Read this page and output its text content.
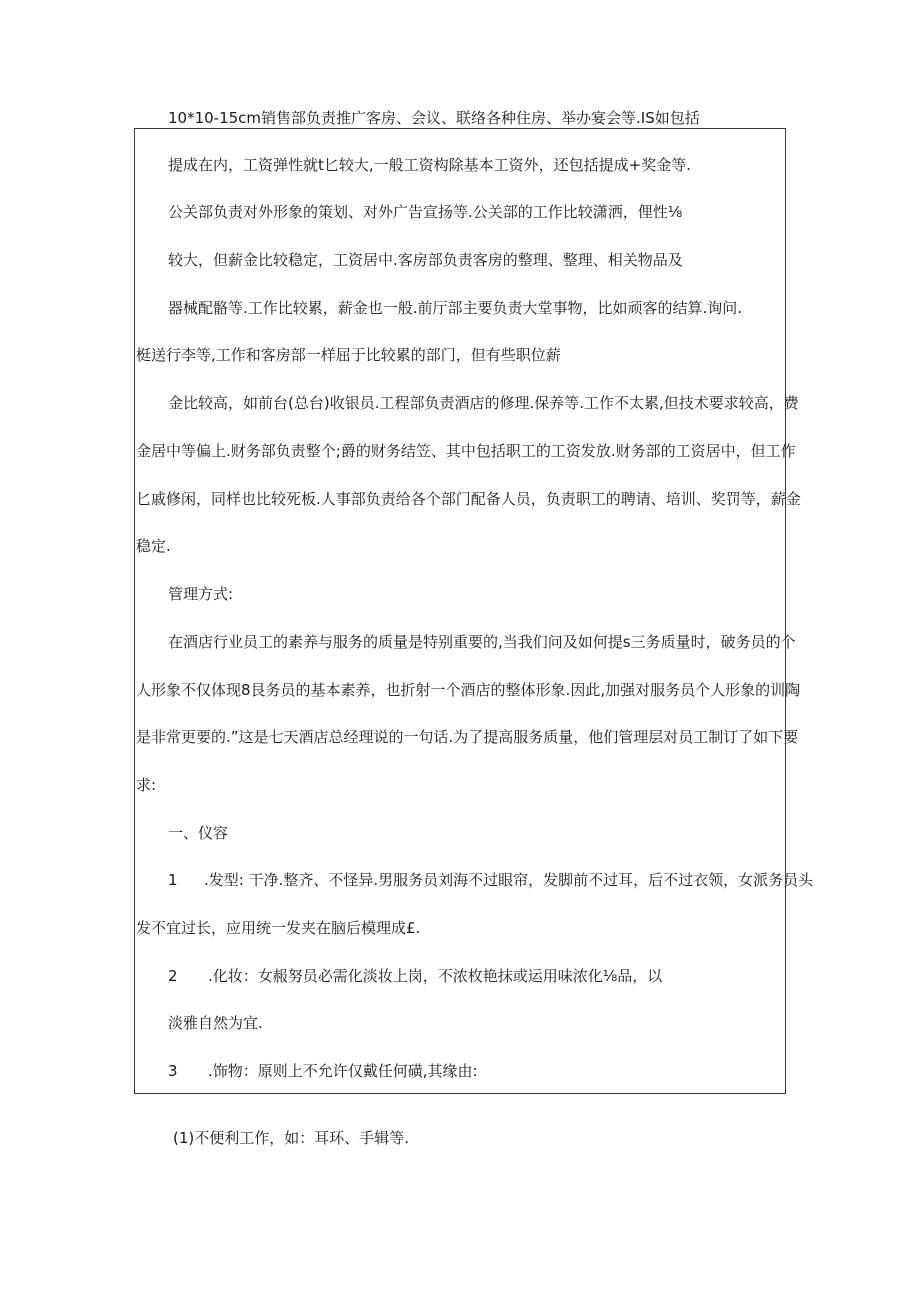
10*10-15cm销售部负责推广客房、会议、联络各种住房、举办宴会等.IS如包括

提成在内，工资弹性就t匕较大,一般工资构除基本工资外，还包括提成+奖金等.

公关部负责对外形象的策划、对外广告宣扬等.公关部的工作比较潇洒，俚性⅛

较大，但薪金比较稳定，工资居中.客房部负责客房的整理、整理、相关物品及

器械配骼等.工作比较累，薪金也一般.前厅部主要负责大堂事物，比如顽客的结算.询问.

梃送行李等,工作和客房部一样屈于比较累的部门，但有些职位薪

金比较高，如前台(总台)收银员.工程部负责酒店的修理.保养等.工作不太累,但技术要求较高，费

金居中等偏上.财务部负责整个;爵的财务结笠、其中包括职工的工资发放.财务部的工资居中，但工作

匕戚修闲，同样也比较死板.人事部负责给各个部门配备人员，负责职工的聘请、培训、奖罚等，薪金

稳定.

管理方式:

在酒店行业员工的素养与服务的质量是特别重要的,当我们问及如何提s三务质量时，破务员的个

人形象不仅体现8艮务员的基本素养，也折射一个酒店的整体形象.因此,加强对服务员个人形象的训陶

是非常更要的.”这是七天酒店总经理说的一句话.为了提高服务质量，他们管理层对员工制订了如下要

求:

一、仪容

1 .发型: 干净.整齐、不怪异.男服务员刘海不过眼帘，发脚前不过耳，后不过衣领，女派务员头

发不宜过长，应用统一发夹在脑后模理成£.

2 .化妆：女赧努员必需化淡妆上岗，不浓枚艳抹或运用味浓化⅛品，以

淡雅自然为宜.

3 .饰物：原则上不允许仅戴任何磺,其缘由:

(1)不便利工作，如：耳环、手辑等.
